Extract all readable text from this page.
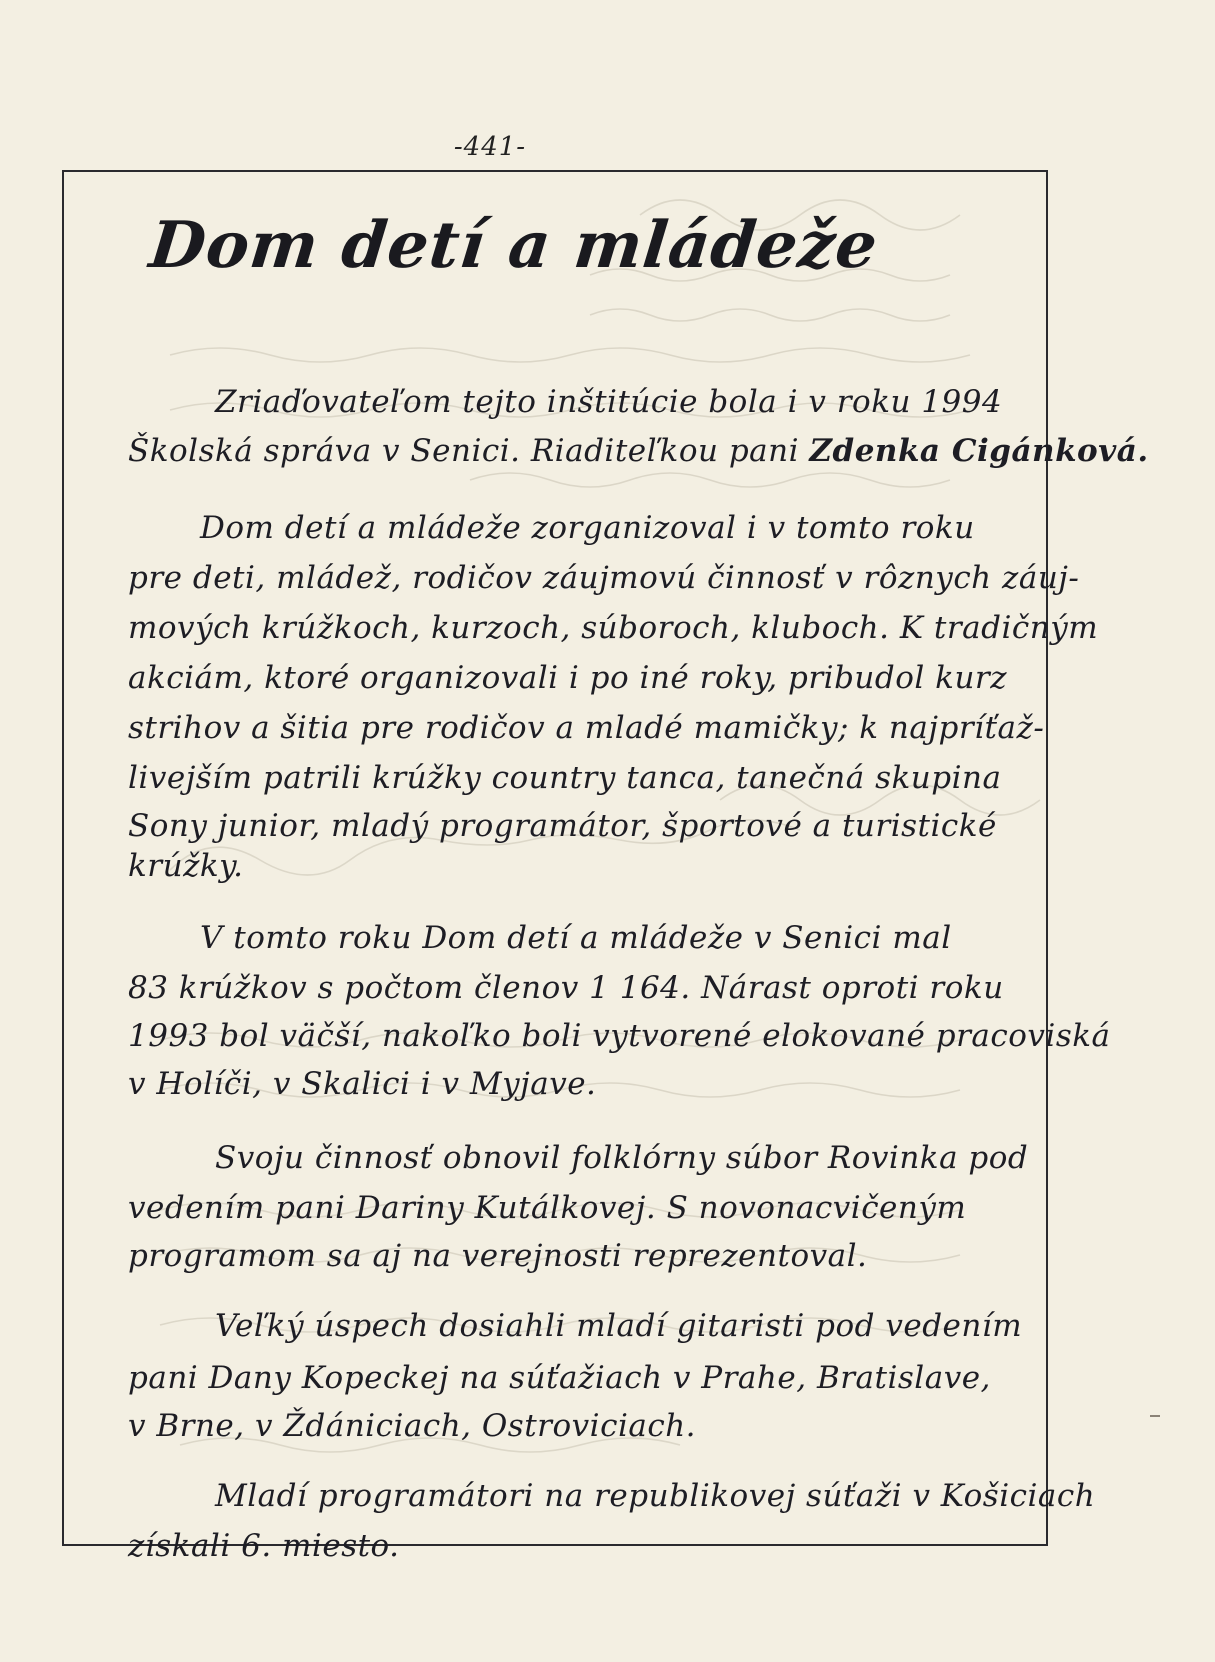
-441-
Dom detí a mládeže
Zriaďovateľom tejto inštitúcie bola i v roku 1994
Školská správa v Senici. Riaditeľkou pani Zdenka Cigánková.
Dom detí a mládeže zorganizoval i v tomto roku
pre deti, mládež, rodičov záujmovú činnosť v rôznych záuj-
mových krúžkoch, kurzoch, súboroch, kluboch. K tradičným
akciám, ktoré organizovali i po iné roky, pribudol kurz
strihov a šitia pre rodičov a mladé mamičky; k najpríťaž-
livejším patrili krúžky country tanca, tanečná skupina
Sony junior, mladý programátor, športové a turistické
krúžky.
V tomto roku Dom detí a mládeže v Senici mal
83 krúžkov s počtom členov 1 164. Nárast oproti roku
1993 bol väčší, nakoľko boli vytvorené elokované pracoviská
v Holíči, v Skalici i v Myjave.
Svoju činnosť obnovil folklórny súbor Rovinka pod
vedením pani Dariny Kutálkovej. S novonacvičeným
programom sa aj na verejnosti reprezentoval.
Veľký úspech dosiahli mladí gitaristi pod vedením
pani Dany Kopeckej na súťažiach v Prahe, Bratislave,
v Brne, v Ždániciach, Ostroviciach.
Mladí programátori na republikovej súťaži v Košiciach
získali 6. miesto.
